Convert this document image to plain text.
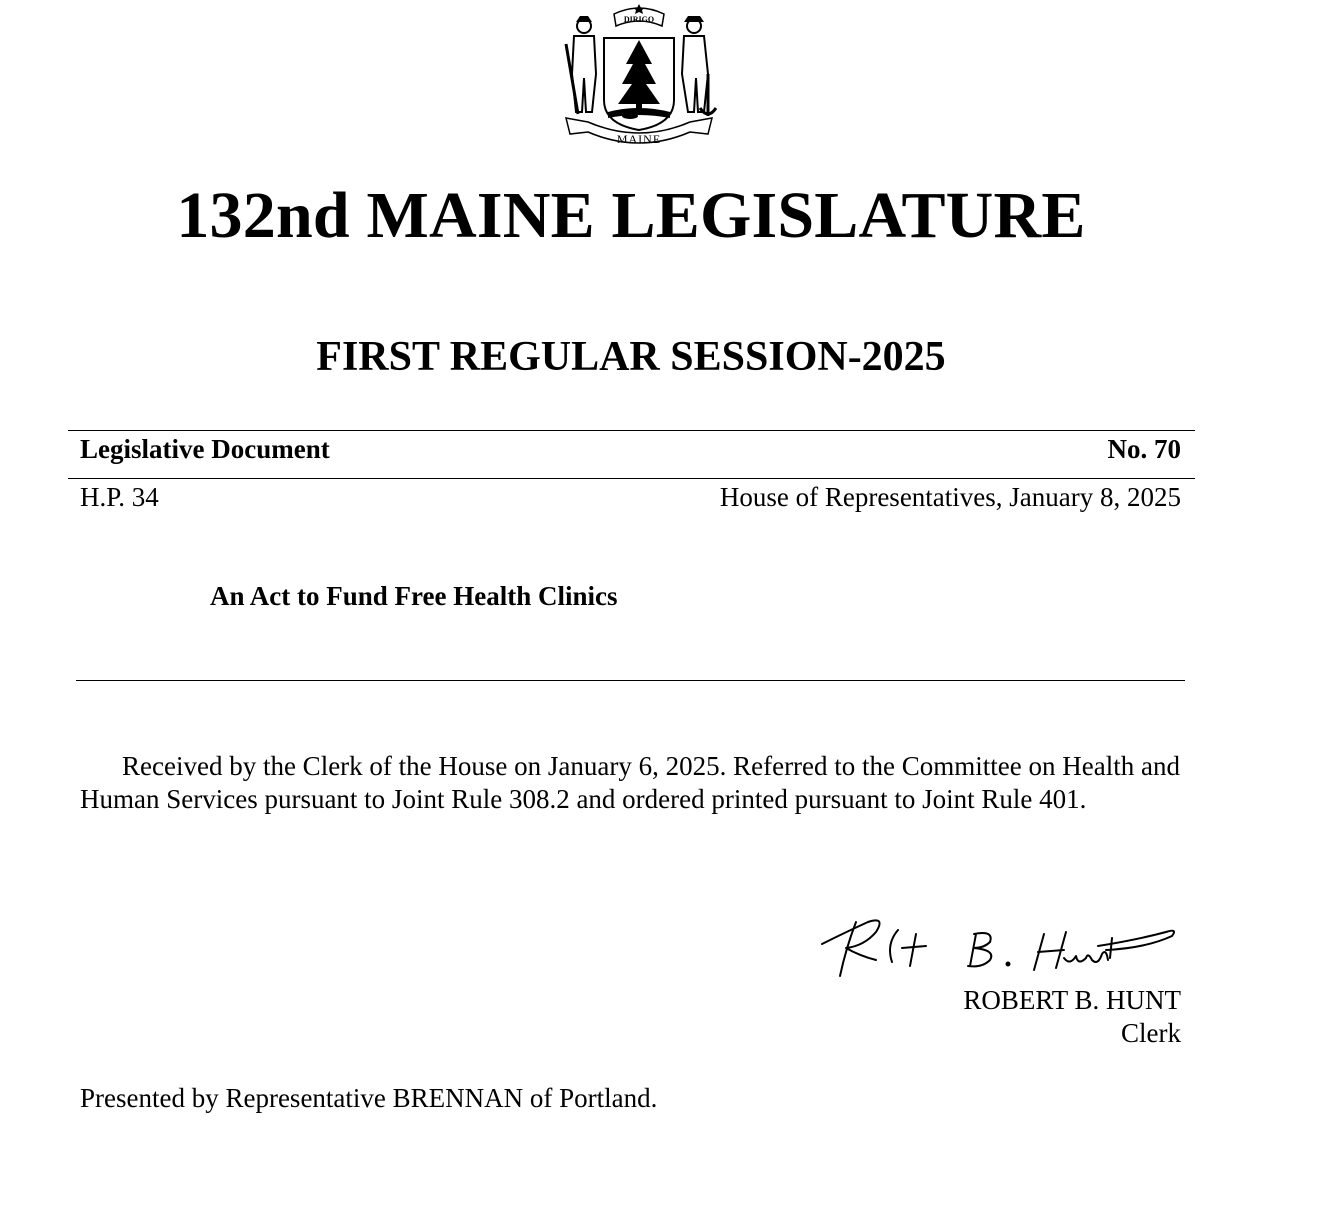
DIRIGO
MAINE
132nd MAINE LEGISLATURE
FIRST REGULAR SESSION-2025
Legislative Document	No. 70
H.P. 34	House of Representatives, January 8, 2025
An Act to Fund Free Health Clinics
Received by the Clerk of the House on January 6, 2025. Referred to the Committee on Health and Human Services pursuant to Joint Rule 308.2 and ordered printed pursuant to Joint Rule 401.
ROBERT B. HUNT
Clerk
Presented by Representative BRENNAN of Portland.
